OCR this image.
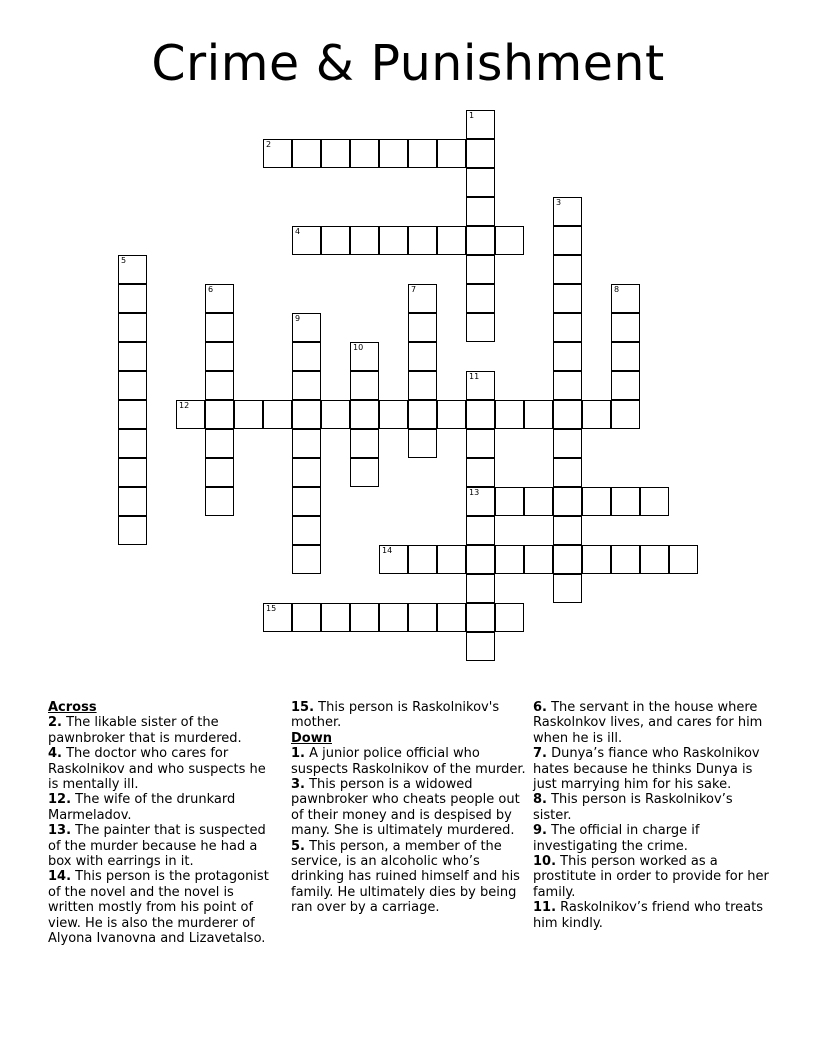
Crime & Punishment
1
2
3
4
5
6	7	8
9
10
11
13
12
14
15
Across
2. The likable sister of the pawnbroker that is murdered.
4. The doctor who cares for Raskolnikov and who suspects he is mentally ill.
12. The wife of the drunkard Marmeladov.
13. The painter that is suspected of the murder because he had a box with earrings in it.
14. This person is the protagonist of the novel and the novel is written mostly from his point of view. He is also the murderer of Alyona Ivanovna and Lizavetalso.
15. This person is Raskolnikov's mother.
Down
1. A junior police official who suspects Raskolnikov of the murder.
3. This person is a widowed pawnbroker who cheats people out of their money and is despised by many. She is ultimately murdered.
5. This person, a member of the service, is an alcoholic who’s drinking has ruined himself and his family. He ultimately dies by being ran over by a carriage.
6. The servant in the house where Raskolnkov lives, and cares for him when he is ill.
7. Dunya’s fiance who Raskolnikov hates because he thinks Dunya is just marrying him for his sake.
8. This person is Raskolnikov’s sister.
9. The official in charge if investigating the crime.
10. This person worked as a prostitute in order to provide for her family.
11. Raskolnikov’s friend who treats him kindly.
